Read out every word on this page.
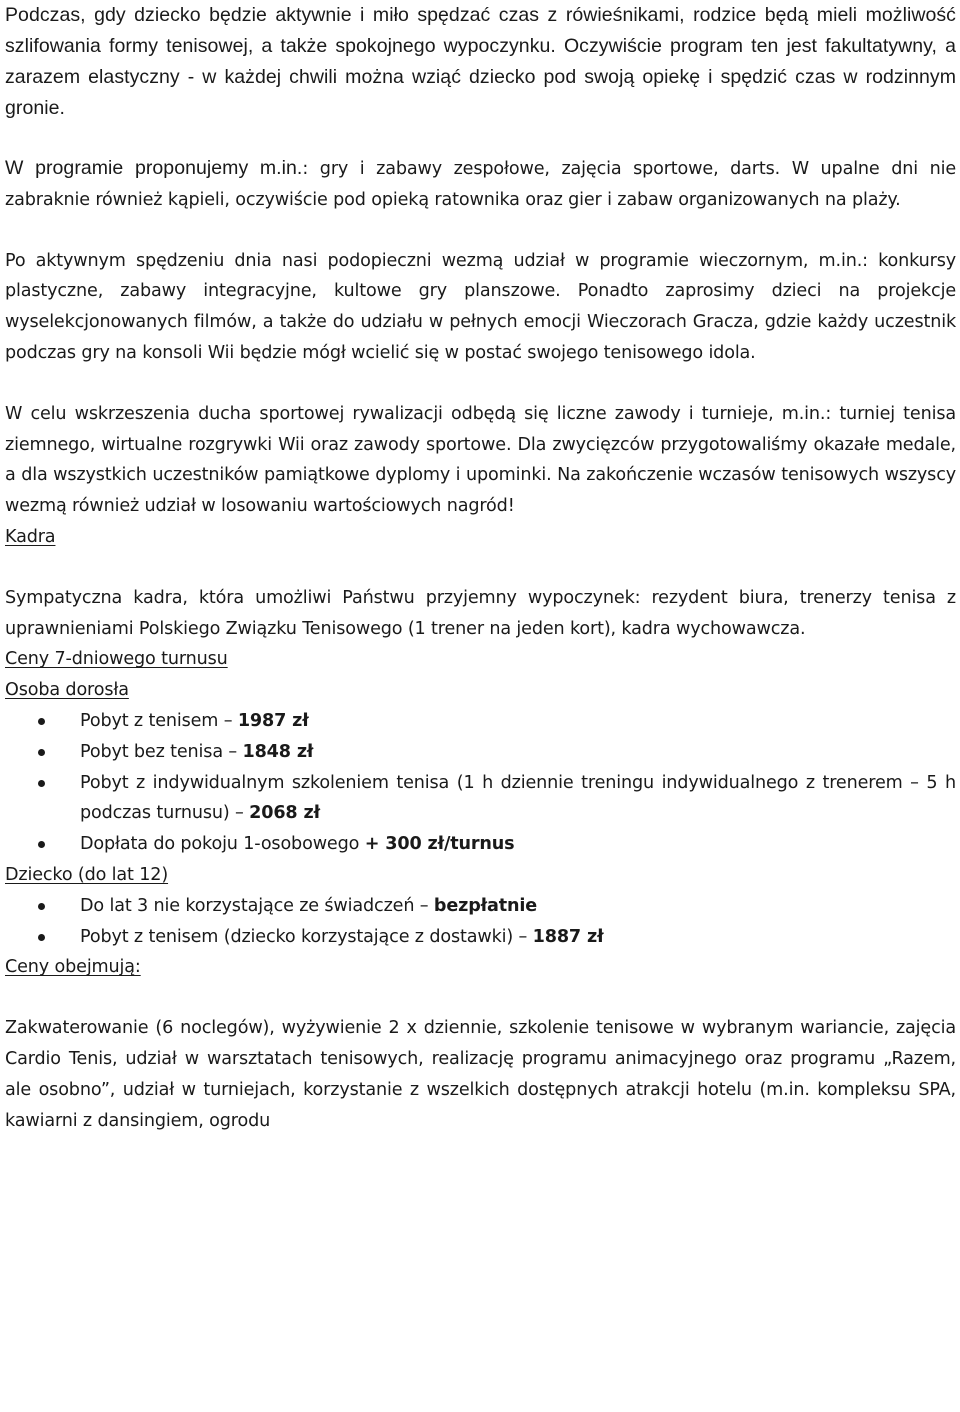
Podczas, gdy dziecko będzie aktywnie i miło spędzać czas z rówieśnikami, rodzice będą mieli możliwość szlifowania formy tenisowej, a także spokojnego wypoczynku. Oczywiście program ten jest fakultatywny, a zarazem elastyczny - w każdej chwili można wziąć dziecko pod swoją opiekę i spędzić czas w rodzinnym gronie.

W programie proponujemy m.in.: gry i zabawy zespołowe, zajęcia sportowe, darts. W upalne dni nie zabraknie również kąpieli, oczywiście pod opieką ratownika oraz gier i zabaw organizowanych na plaży.

Po aktywnym spędzeniu dnia nasi podopieczni wezmą udział w programie wieczornym, m.in.: konkursy plastyczne, zabawy integracyjne, kultowe gry planszowe. Ponadto zaprosimy dzieci na projekcje wyselekcjonowanych filmów, a także do udziału w pełnych emocji Wieczorach Gracza, gdzie każdy uczestnik podczas gry na konsoli Wii będzie mógł wcielić się w postać swojego tenisowego idola.

W celu wskrzeszenia ducha sportowej rywalizacji odbędą się liczne zawody i turnieje, m.in.: turniej tenisa ziemnego, wirtualne rozgrywki Wii oraz zawody sportowe. Dla zwycięzców przygotowaliśmy okazałe medale, a dla wszystkich uczestników pamiątkowe dyplomy i upominki. Na zakończenie wczasów tenisowych wszyscy wezmą również udział w losowaniu wartościowych nagród!

Kadra

Sympatyczna kadra, która umożliwi Państwu przyjemny wypoczynek: rezydent biura, trenerzy tenisa z uprawnieniami Polskiego Związku Tenisowego (1 trener na jeden kort), kadra wychowawcza.

Ceny 7-dniowego turnusu

Osoba dorosła

Pobyt z tenisem – 1987 zł
Pobyt bez tenisa – 1848 zł
Pobyt z indywidualnym szkoleniem tenisa (1 h dziennie treningu indywidualnego z trenerem – 5 h podczas turnusu) – 2068 zł
Dopłata do pokoju 1-osobowego + 300 zł/turnus

Dziecko (do lat 12)

Do lat 3 nie korzystające ze świadczeń – bezpłatnie
Pobyt z tenisem (dziecko korzystające z dostawki) – 1887 zł

Ceny obejmują:

Zakwaterowanie (6 noclegów), wyżywienie 2 x dziennie, szkolenie tenisowe w wybranym wariancie, zajęcia Cardio Tenis, udział w warsztatach tenisowych, realizację programu animacyjnego oraz programu „Razem, ale osobno”, udział w turniejach, korzystanie z wszelkich dostępnych atrakcji hotelu (m.in. kompleksu SPA, kawiarni z dansingiem, ogrodu
